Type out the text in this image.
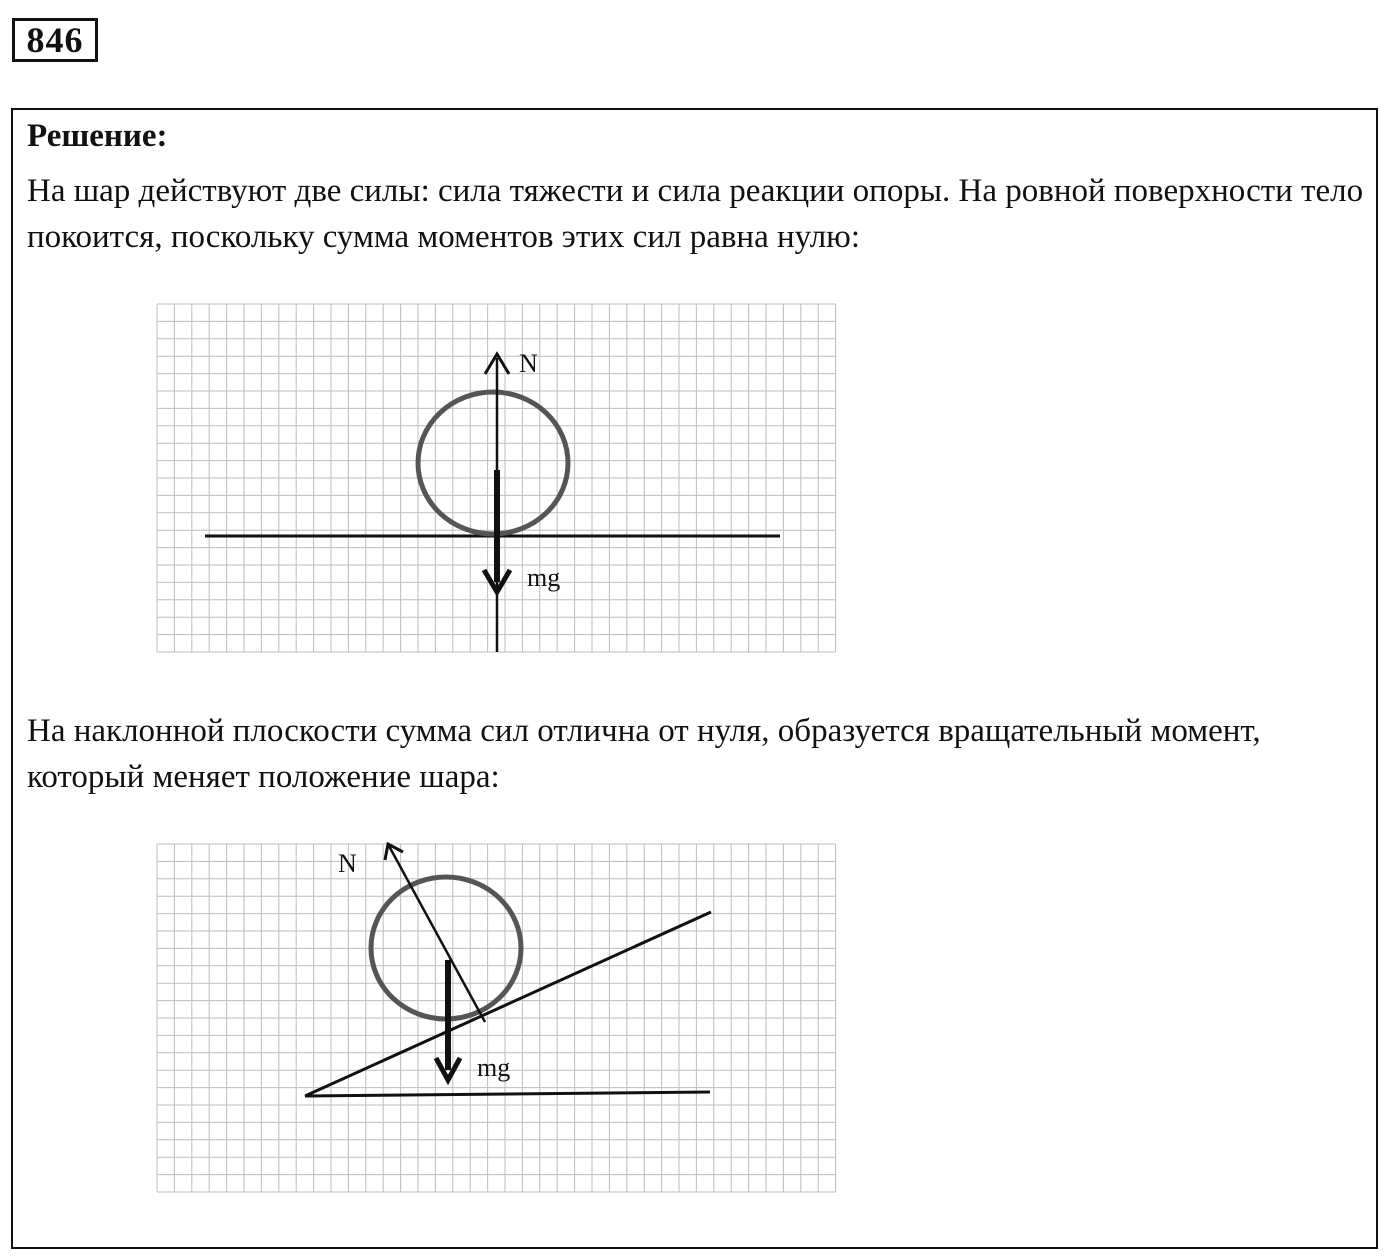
846
Решение:
На шар действуют две силы: сила тяжести и сила реакции опоры. На ровной поверхности тело покоится, поскольку сумма моментов этих сил равна нулю:
N
mg
На наклонной плоскости сумма сил отлична от нуля, образуется вращательный момент, который меняет положение шара:
N
mg
